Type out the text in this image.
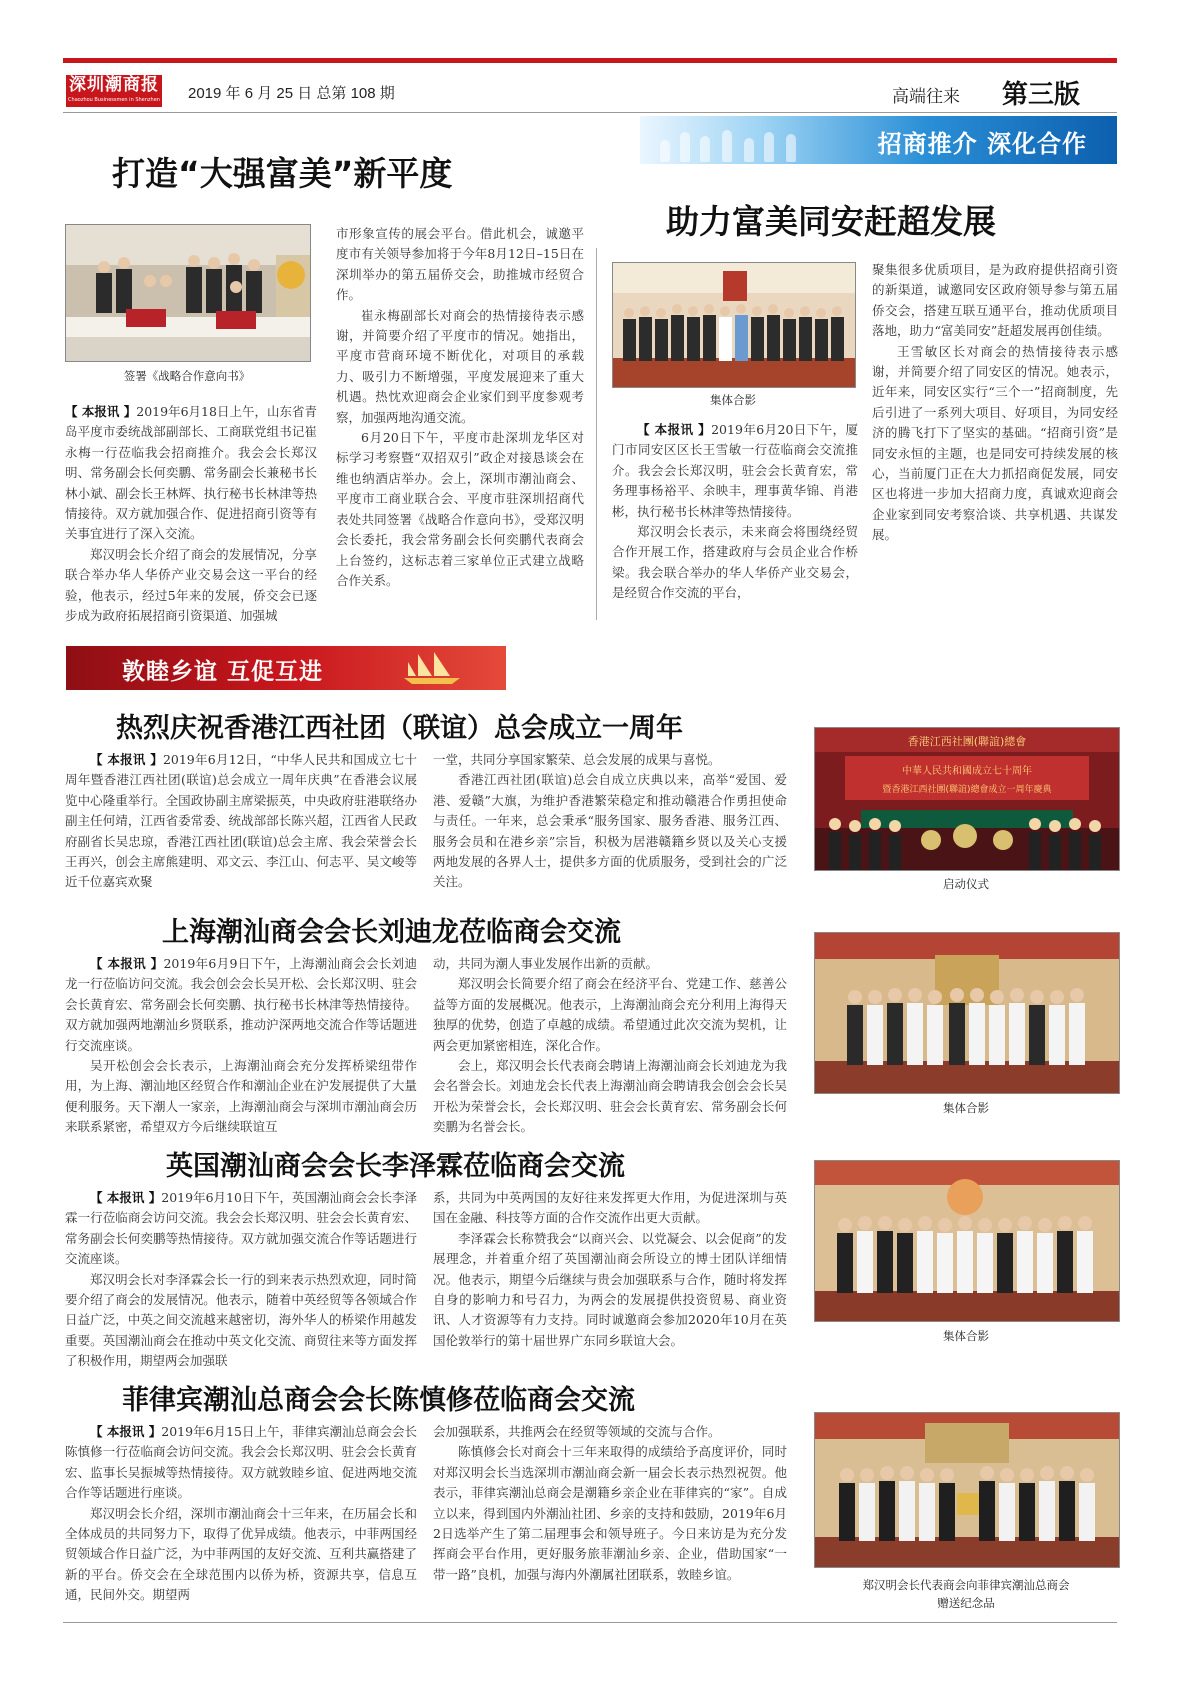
深圳潮商报
Chaozhou Businessmen in Shenzhen 2019 年 6 月 25 日 总第 108 期	高端往来 第三版
招商推介 深化合作
打造“大强富美”新平度
签署《战略合作意向书》

【 本报讯 】2019年6月18日上午，山东省青岛平度市委统战部副部长、工商联党组书记崔永梅一行莅临我会招商推介。我会会长郑汉明、常务副会长何奕鹏、常务副会长兼秘书长林小斌、副会长王林辉、执行秘书长林津等热情接待。双方就加强合作、促进招商引资等有关事宜进行了深入交流。

郑汉明会长介绍了商会的发展情况，分享联合举办华人华侨产业交易会这一平台的经验，他表示，经过5年来的发展，侨交会已逐步成为政府拓展招商引资渠道、加强城

市形象宣传的展会平台。借此机会，诚邀平度市有关领导参加将于今年8月12日–15日在深圳举办的第五届侨交会，助推城市经贸合作。

崔永梅副部长对商会的热情接待表示感谢，并简要介绍了平度市的情况。她指出，平度市营商环境不断优化，对项目的承载力、吸引力不断增强，平度发展迎来了重大机遇。热忱欢迎商会企业家们到平度参观考察，加强两地沟通交流。

6月20日下午，平度市赴深圳龙华区对标学习考察暨“双招双引”政企对接恳谈会在维也纳酒店举办。会上，深圳市潮汕商会、平度市工商业联合会、平度市驻深圳招商代表处共同签署《战略合作意向书》，受郑汉明会长委托，我会常务副会长何奕鹏代表商会上台签约，这标志着三家单位正式建立战略合作关系。

助力富美同安赶超发展
集体合影

【 本报讯 】2019年6月20日下午，厦门市同安区区长王雪敏一行莅临商会交流推介。我会会长郑汉明，驻会会长黄育宏，常务理事杨裕平、余映丰，理事黄华锦、肖港彬，执行秘书长林津等热情接待。

郑汉明会长表示，未来商会将围绕经贸合作开展工作，搭建政府与会员企业合作桥梁。我会联合举办的华人华侨产业交易会，是经贸合作交流的平台，

聚集很多优质项目，是为政府提供招商引资的新渠道，诚邀同安区政府领导参与第五届侨交会，搭建互联互通平台，推动优质项目落地，助力“富美同安”赶超发展再创佳绩。

王雪敏区长对商会的热情接待表示感谢，并简要介绍了同安区的情况。她表示，近年来，同安区实行“三个一”招商制度，先后引进了一系列大项目、好项目，为同安经济的腾飞打下了坚实的基础。“招商引资”是同安永恒的主题，也是同安可持续发展的核心，当前厦门正在大力抓招商促发展，同安区也将进一步加大招商力度，真诚欢迎商会企业家到同安考察洽谈、共享机遇、共谋发展。

敦睦乡谊 互促互进
热烈庆祝香港江西社团（联谊）总会成立一周年

【 本报讯 】2019年6月12日，“中华人民共和国成立七十周年暨香港江西社团(联谊)总会成立一周年庆典”在香港会议展览中心隆重举行。全国政协副主席梁振英，中央政府驻港联络办副主任何靖，江西省委常委、统战部部长陈兴超，江西省人民政府副省长吴忠琼，香港江西社团(联谊)总会主席、我会荣誉会长王再兴，创会主席熊建明、邓文云、李江山、何志平、吴文峻等近千位嘉宾欢聚

一堂，共同分享国家繁荣、总会发展的成果与喜悦。

香港江西社团(联谊)总会自成立庆典以来，高举“爱国、爱港、爱赣”大旗，为维护香港繁荣稳定和推动赣港合作勇担使命与责任。一年来，总会秉承“服务国家、服务香港、服务江西、服务会员和在港乡亲”宗旨，积极为居港赣籍乡贤以及关心支援两地发展的各界人士，提供多方面的优质服务，受到社会的广泛关注。

香港江西社團(聯誼)總會
中華人民共和國成立七十周年
暨香港江西社團(聯誼)總會成立一周年慶典
启动仪式
上海潮汕商会会长刘迪龙莅临商会交流

【 本报讯 】2019年6月9日下午，上海潮汕商会会长刘迪龙一行莅临访问交流。我会创会会长吴开松、会长郑汉明、驻会会长黄育宏、常务副会长何奕鹏、执行秘书长林津等热情接待。双方就加强两地潮汕乡贤联系，推动沪深两地交流合作等话题进行交流座谈。

吴开松创会会长表示，上海潮汕商会充分发挥桥梁纽带作用，为上海、潮汕地区经贸合作和潮汕企业在沪发展提供了大量便利服务。天下潮人一家亲，上海潮汕商会与深圳市潮汕商会历来联系紧密，希望双方今后继续联谊互

动，共同为潮人事业发展作出新的贡献。

郑汉明会长简要介绍了商会在经济平台、党建工作、慈善公益等方面的发展概况。他表示，上海潮汕商会充分利用上海得天独厚的优势，创造了卓越的成绩。希望通过此次交流为契机，让两会更加紧密相连，深化合作。

会上，郑汉明会长代表商会聘请上海潮汕商会长刘迪龙为我会名誉会长。刘迪龙会长代表上海潮汕商会聘请我会创会会长吴开松为荣誉会长，会长郑汉明、驻会会长黄育宏、常务副会长何奕鹏为名誉会长。

集体合影
英国潮汕商会会长李泽霖莅临商会交流

【 本报讯 】2019年6月10日下午，英国潮汕商会会长李泽霖一行莅临商会访问交流。我会会长郑汉明、驻会会长黄育宏、常务副会长何奕鹏等热情接待。双方就加强交流合作等话题进行交流座谈。

郑汉明会长对李泽霖会长一行的到来表示热烈欢迎，同时简要介绍了商会的发展情况。他表示，随着中英经贸等各领域合作日益广泛，中英之间交流越来越密切，海外华人的桥梁作用越发重要。英国潮汕商会在推动中英文化交流、商贸往来等方面发挥了积极作用，期望两会加强联

系，共同为中英两国的友好往来发挥更大作用，为促进深圳与英国在金融、科技等方面的合作交流作出更大贡献。

李泽霖会长称赞我会“以商兴会、以党凝会、以会促商”的发展理念，并着重介绍了英国潮汕商会所设立的博士团队详细情况。他表示，期望今后继续与贵会加强联系与合作，随时将发挥自身的影响力和号召力，为两会的发展提供投资贸易、商业资讯、人才资源等有力支持。同时诚邀商会参加2020年10月在英国伦敦举行的第十届世界广东同乡联谊大会。	集体合影
菲律宾潮汕总商会会长陈慎修莅临商会交流

【 本报讯 】2019年6月15日上午，菲律宾潮汕总商会会长陈慎修一行莅临商会访问交流。我会会长郑汉明、驻会会长黄育宏、监事长吴振城等热情接待。双方就敦睦乡谊、促进两地交流合作等话题进行座谈。

郑汉明会长介绍，深圳市潮汕商会十三年来，在历届会长和全体成员的共同努力下，取得了优异成绩。他表示，中菲两国经贸领域合作日益广泛，为中菲两国的友好交流、互利共赢搭建了新的平台。侨交会在全球范围内以侨为桥，资源共享，信息互通，民间外交。期望两

会加强联系，共推两会在经贸等领域的交流与合作。

陈慎修会长对商会十三年来取得的成绩给予高度评价，同时对郑汉明会长当选深圳市潮汕商会新一届会长表示热烈祝贺。他表示，菲律宾潮汕总商会是潮籍乡亲企业在菲律宾的“家”。自成立以来，得到国内外潮汕社团、乡亲的支持和鼓励，2019年6月2日选举产生了第二届理事会和领导班子。今日来访是为充分发挥商会平台作用，更好服务旅菲潮汕乡亲、企业，借助国家“一带一路”良机，加强与海内外潮属社团联系，敦睦乡谊。

郑汉明会长代表商会向菲律宾潮汕总商会
赠送纪念品
